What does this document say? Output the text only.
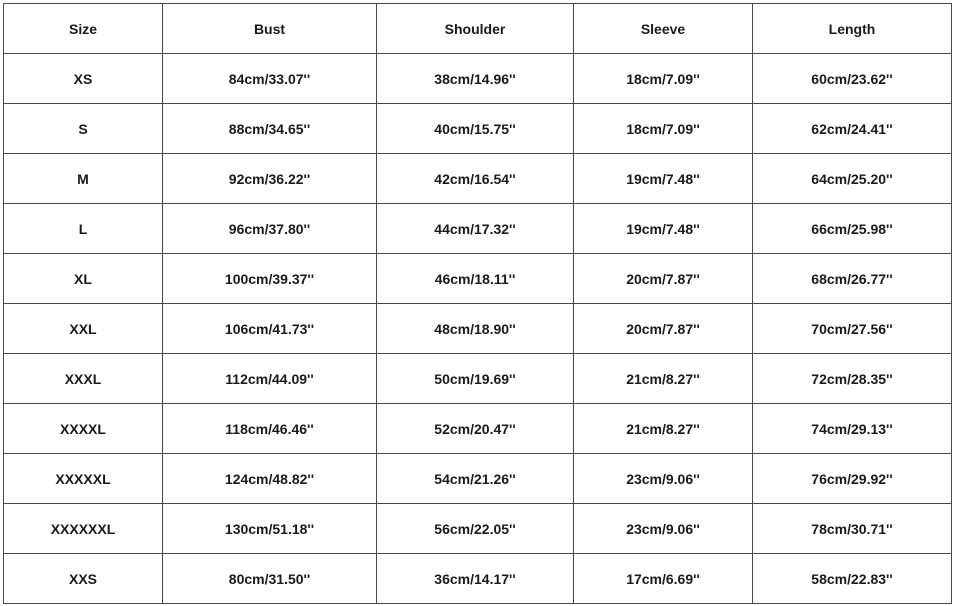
Size	Bust	Shoulder	Sleeve	Length
XS	84cm/33.07''	38cm/14.96''	18cm/7.09''	60cm/23.62''
S	88cm/34.65''	40cm/15.75''	18cm/7.09''	62cm/24.41''
M	92cm/36.22''	42cm/16.54''	19cm/7.48''	64cm/25.20''
L	96cm/37.80''	44cm/17.32''	19cm/7.48''	66cm/25.98''
XL	100cm/39.37''	46cm/18.11''	20cm/7.87''	68cm/26.77''
XXL	106cm/41.73''	48cm/18.90''	20cm/7.87''	70cm/27.56''
XXXL	112cm/44.09''	50cm/19.69''	21cm/8.27''	72cm/28.35''
XXXXL	118cm/46.46''	52cm/20.47''	21cm/8.27''	74cm/29.13''
XXXXXL	124cm/48.82''	54cm/21.26''	23cm/9.06''	76cm/29.92''
XXXXXXL	130cm/51.18''	56cm/22.05''	23cm/9.06''	78cm/30.71''
XXS	80cm/31.50''	36cm/14.17''	17cm/6.69''	58cm/22.83''
